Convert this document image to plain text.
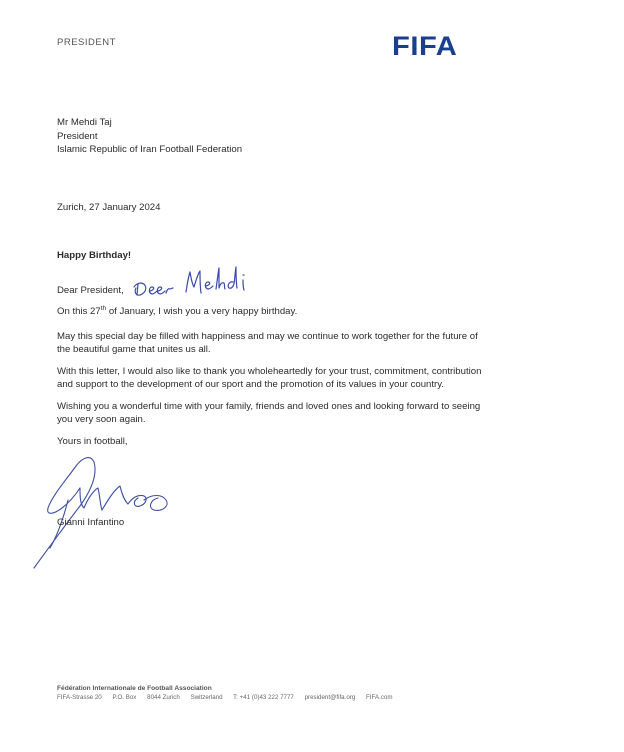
PRESIDENT	FIFA
Mr Mehdi Taj
President
Islamic Republic of Iran Football Federation
Zurich, 27 January 2024
Happy Birthday!
Dear President,
On this 27th of January, I wish you a very happy birthday.
May this special day be filled with happiness and may we continue to work together for the future of the beautiful game that unites us all.
With this letter, I would also like to thank you wholeheartedly for your trust, commitment, contribution and support to the development of our sport and the promotion of its values in your country.
Wishing you a wonderful time with your family, friends and loved ones and looking forward to seeing you very soon again.
Yours in football,
Gianni Infantino
Fédération Internationale de Football Association
FIFA-Strasse 20 P.O. Box 8044 Zurich Switzerland T: +41 (0)43 222 7777 president@fifa.org FIFA.com
